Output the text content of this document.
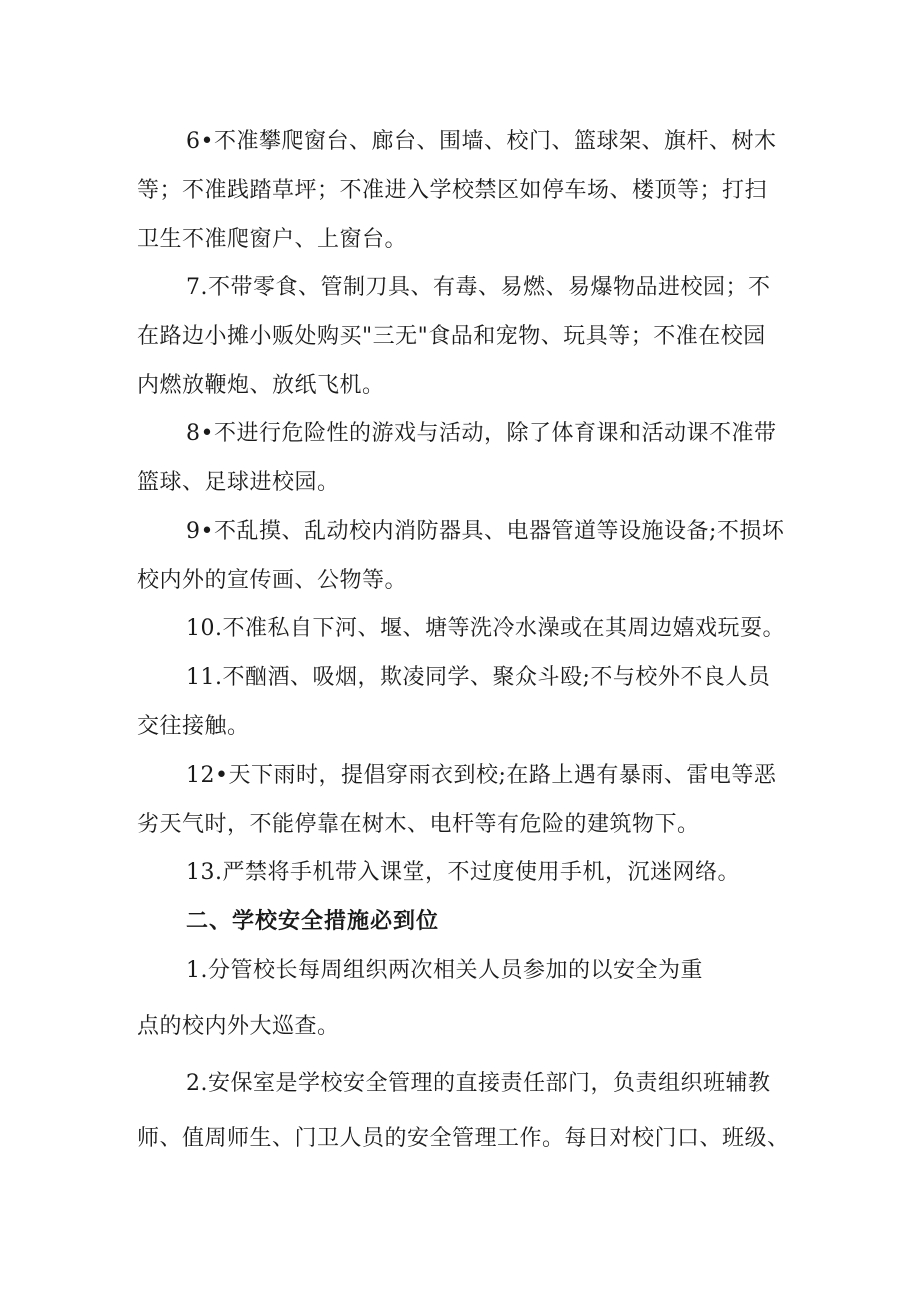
6•不准攀爬窗台、廊台、围墙、校门、篮球架、旗杆、树木
等；不准践踏草坪；不准进入学校禁区如停车场、楼顶等；打扫
卫生不准爬窗户、上窗台。
7.不带零食、管制刀具、有毒、易燃、易爆物品进校园；不
在路边小摊小贩处购买"三无"食品和宠物、玩具等；不准在校园
内燃放鞭炮、放纸飞机。
8•不进行危险性的游戏与活动，除了体育课和活动课不准带
篮球、足球进校园。
9•不乱摸、乱动校内消防器具、电器管道等设施设备;不损坏
校内外的宣传画、公物等。
10.不准私自下河、堰、塘等洗冷水澡或在其周边嬉戏玩耍。
11.不酗酒、吸烟，欺凌同学、聚众斗殴;不与校外不良人员
交往接触。
12•天下雨时，提倡穿雨衣到校;在路上遇有暴雨、雷电等恶
劣天气时，不能停靠在树木、电杆等有危险的建筑物下。
13.严禁将手机带入课堂，不过度使用手机，沉迷网络。
二、学校安全措施必到位
1.分管校长每周组织两次相关人员参加的以安全为重
点的校内外大巡查。
2.安保室是学校安全管理的直接责任部门，负责组织班辅教
师、值周师生、门卫人员的安全管理工作。每日对校门口、班级、
